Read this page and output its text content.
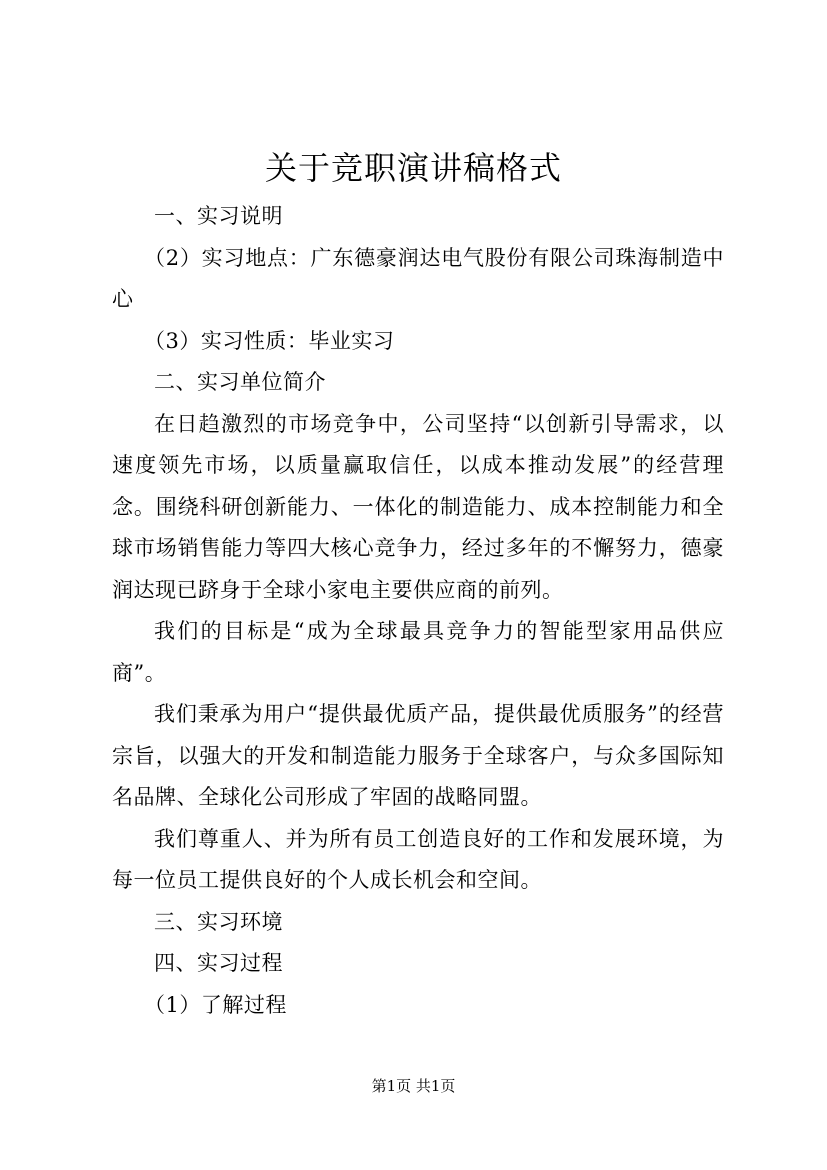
关于竞职演讲稿格式

一、实习说明

（2）实习地点：广东德豪润达电气股份有限公司珠海制造中心

（3）实习性质：毕业实习

二、实习单位简介

在日趋激烈的市场竞争中，公司坚持“以创新引导需求，以速度领先市场，以质量赢取信任，以成本推动发展”的经营理念。围绕科研创新能力、一体化的制造能力、成本控制能力和全球市场销售能力等四大核心竞争力，经过多年的不懈努力，德豪润达现已跻身于全球小家电主要供应商的前列。

我们的目标是“成为全球最具竞争力的智能型家用品供应商”。

我们秉承为用户“提供最优质产品，提供最优质服务”的经营宗旨，以强大的开发和制造能力服务于全球客户，与众多国际知名品牌、全球化公司形成了牢固的战略同盟。

我们尊重人、并为所有员工创造良好的工作和发展环境，为每一位员工提供良好的个人成长机会和空间。

三、实习环境

四、实习过程

（1）了解过程

第1页 共1页
